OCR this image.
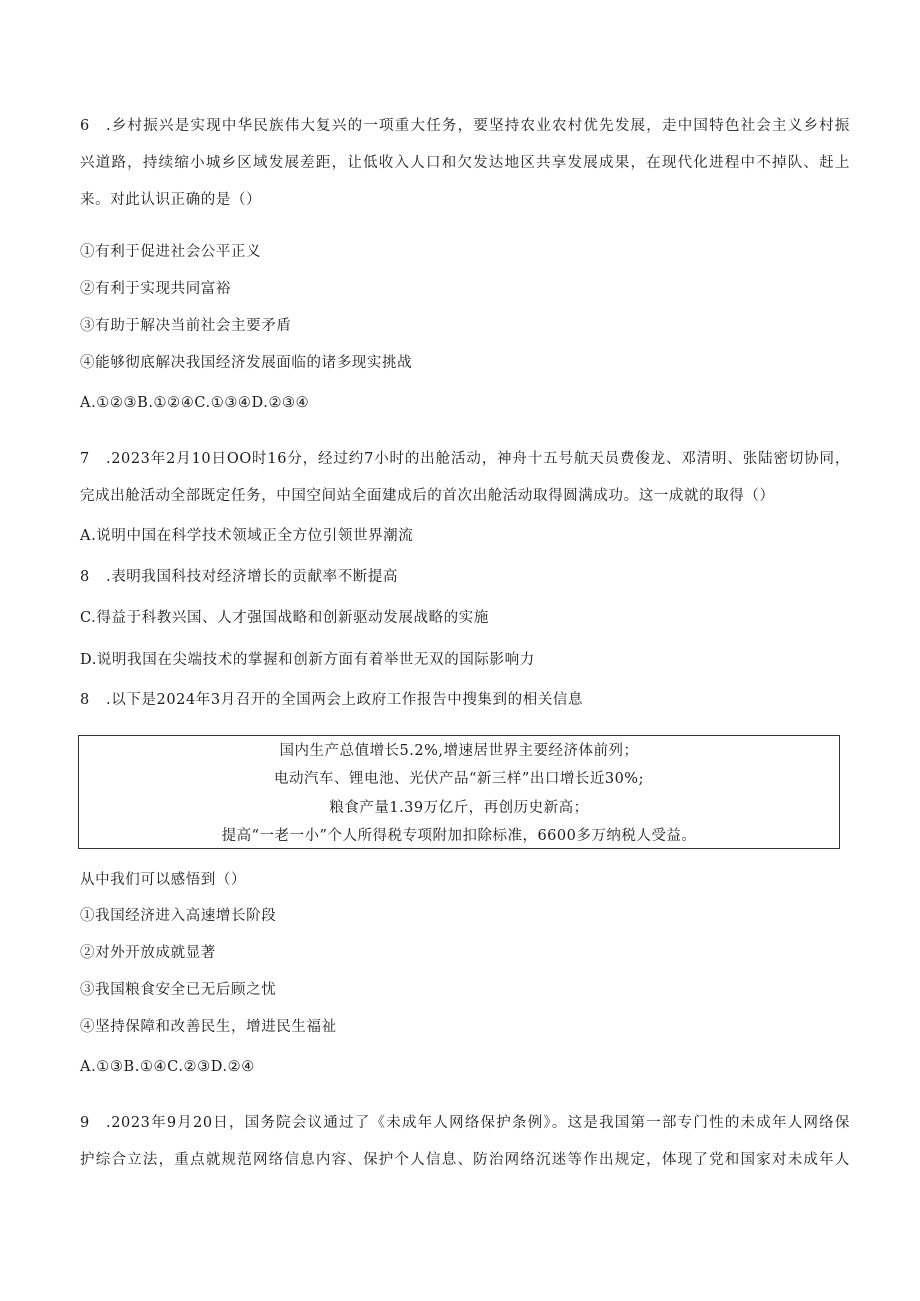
6 .乡村振兴是实现中华民族伟大复兴的一项重大任务，要坚持农业农村优先发展，走中国特色社会主义乡村振
兴道路，持续缩小城乡区域发展差距，让低收入人口和欠发达地区共享发展成果，在现代化进程中不掉队、赶上
来。对此认识正确的是（）
①有利于促进社会公平正义
②有利于实现共同富裕
③有助于解决当前社会主要矛盾
④能够彻底解决我国经济发展面临的诸多现实挑战
A.①②③B.①②④C.①③④D.②③④
7 .2023年2月10日OO时16分，经过约7小时的出舱活动，神舟十五号航天员费俊龙、邓清明、张陆密切协同，
完成出舱活动全部既定任务，中国空间站全面建成后的首次出舱活动取得圆满成功。这一成就的取得（）
A.说明中国在科学技术领域正全方位引领世界潮流
8 .表明我国科技对经济增长的贡献率不断提高
C.得益于科教兴国、人才强国战略和创新驱动发展战略的实施
D.说明我国在尖端技术的掌握和创新方面有着举世无双的国际影响力
8 .以下是2024年3月召开的全国两会上政府工作报告中搜集到的相关信息
国内生产总值增长5.2%,增速居世界主要经济体前列；
电动汽车、锂电池、光伏产品“新三样”出口增长近30%;
粮食产量1.39万亿斤，再创历史新高；
提高“一老一小”个人所得税专项附加扣除标准，6600多万纳税人受益。
从中我们可以感悟到（）
①我国经济进入高速增长阶段
②对外开放成就显著
③我国粮食安全已无后顾之忧
④坚持保障和改善民生，增进民生福祉
A.①③B.①④C.②③D.②④
9 .2023年9月20日，国务院会议通过了《未成年人网络保护条例》。这是我国第一部专门性的未成年人网络保
护综合立法，重点就规范网络信息内容、保护个人信息、防治网络沉迷等作出规定，体现了党和国家对未成年人
